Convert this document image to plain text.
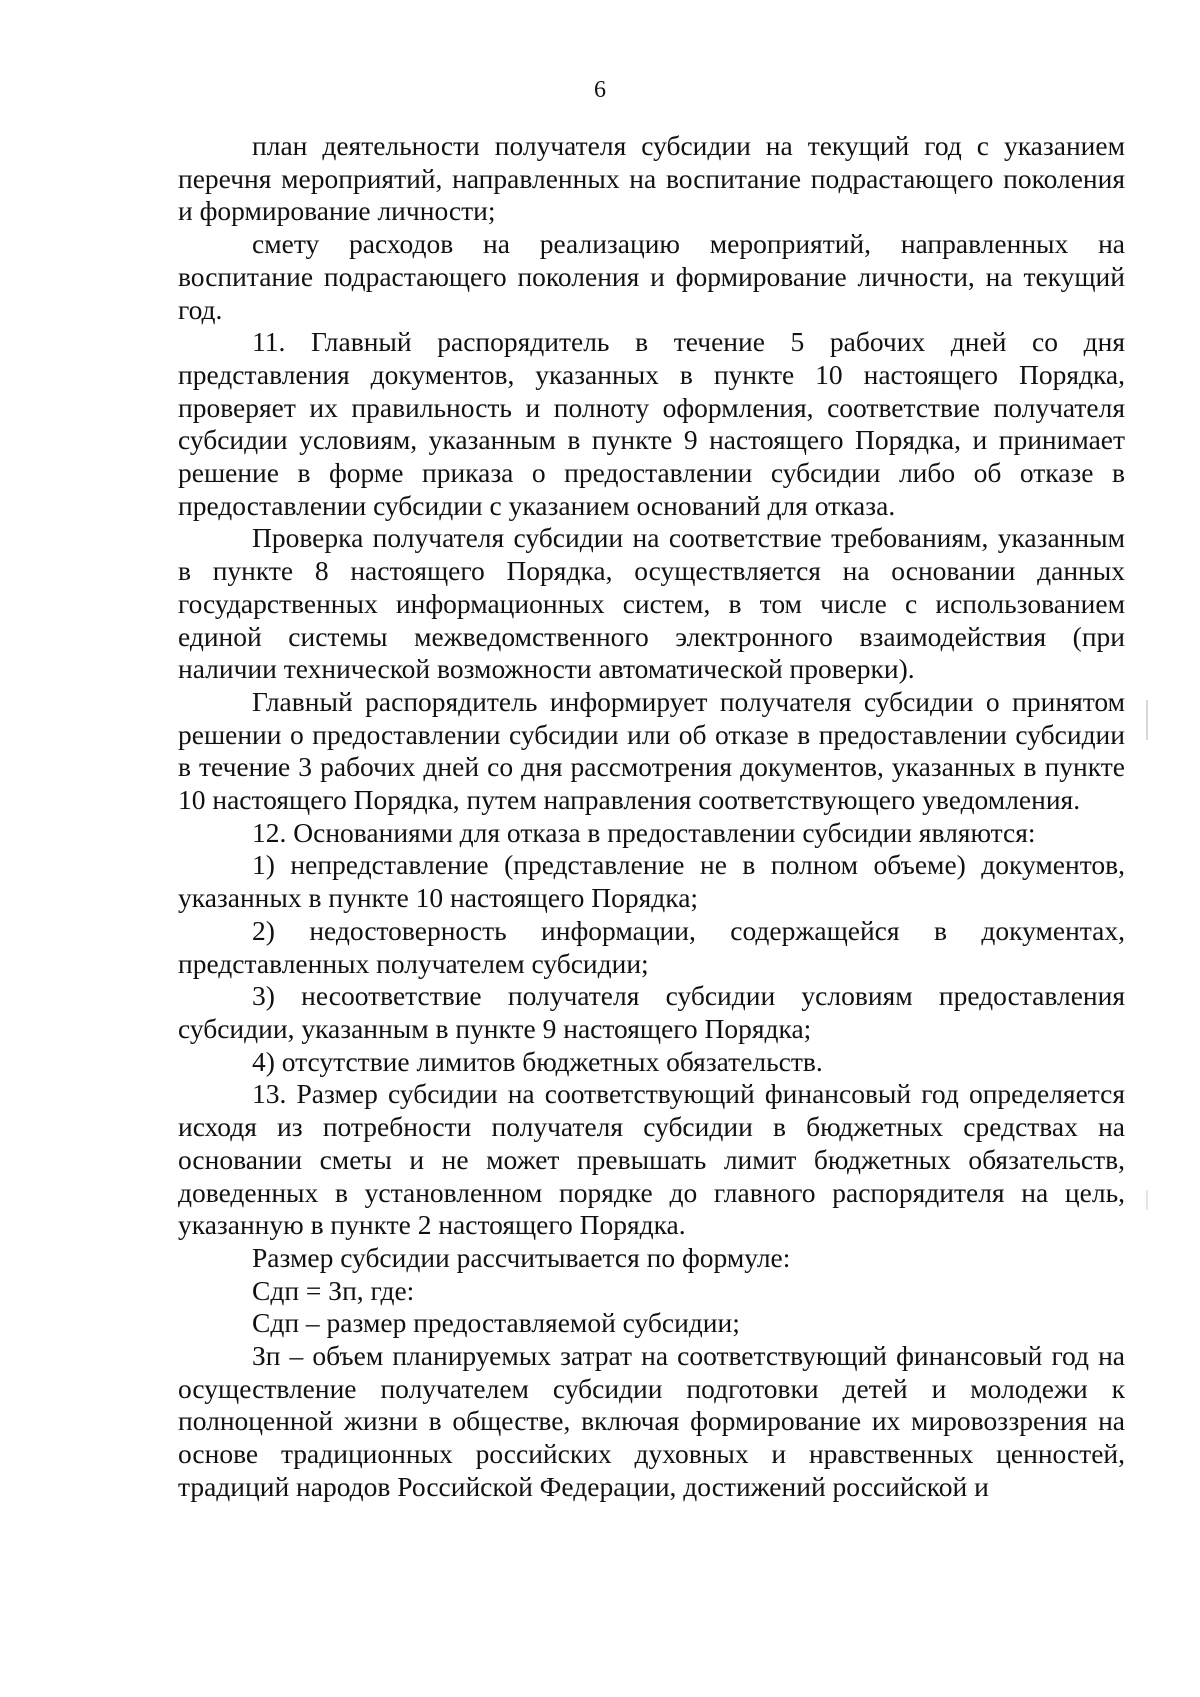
6

план деятельности получателя субсидии на текущий год с указанием перечня мероприятий, направленных на воспитание подрастающего поколения и формирование личности;

смету расходов на реализацию мероприятий, направленных на воспитание подрастающего поколения и формирование личности, на текущий год.

11. Главный распорядитель в течение 5 рабочих дней со дня представления документов, указанных в пункте 10 настоящего Порядка, проверяет их правильность и полноту оформления, соответствие получателя субсидии условиям, указанным в пункте 9 настоящего Порядка, и принимает решение в форме приказа о предоставлении субсидии либо об отказе в предоставлении субсидии с указанием оснований для отказа.

Проверка получателя субсидии на соответствие требованиям, указанным в пункте 8 настоящего Порядка, осуществляется на основании данных государственных информационных систем, в том числе с использованием единой системы межведомственного электронного взаимодействия (при наличии технической возможности автоматической проверки).

Главный распорядитель информирует получателя субсидии о принятом решении о предоставлении субсидии или об отказе в предоставлении субсидии в течение 3 рабочих дней со дня рассмотрения документов, указанных в пункте 10 настоящего Порядка, путем направления соответствующего уведомления.

12. Основаниями для отказа в предоставлении субсидии являются:

1) непредставление (представление не в полном объеме) документов, указанных в пункте 10 настоящего Порядка;

2) недостоверность информации, содержащейся в документах, представленных получателем субсидии;

3) несоответствие получателя субсидии условиям предоставления субсидии, указанным в пункте 9 настоящего Порядка;

4) отсутствие лимитов бюджетных обязательств.

13. Размер субсидии на соответствующий финансовый год определяется исходя из потребности получателя субсидии в бюджетных средствах на основании сметы и не может превышать лимит бюджетных обязательств, доведенных в установленном порядке до главного распорядителя на цель, указанную в пункте 2 настоящего Порядка.

Размер субсидии рассчитывается по формуле:

Сдп = Зп, где:

Сдп – размер предоставляемой субсидии;

Зп – объем планируемых затрат на соответствующий финансовый год на осуществление получателем субсидии подготовки детей и молодежи к полноценной жизни в обществе, включая формирование их мировоззрения на основе традиционных российских духовных и нравственных ценностей, традиций народов Российской Федерации, достижений российской и
